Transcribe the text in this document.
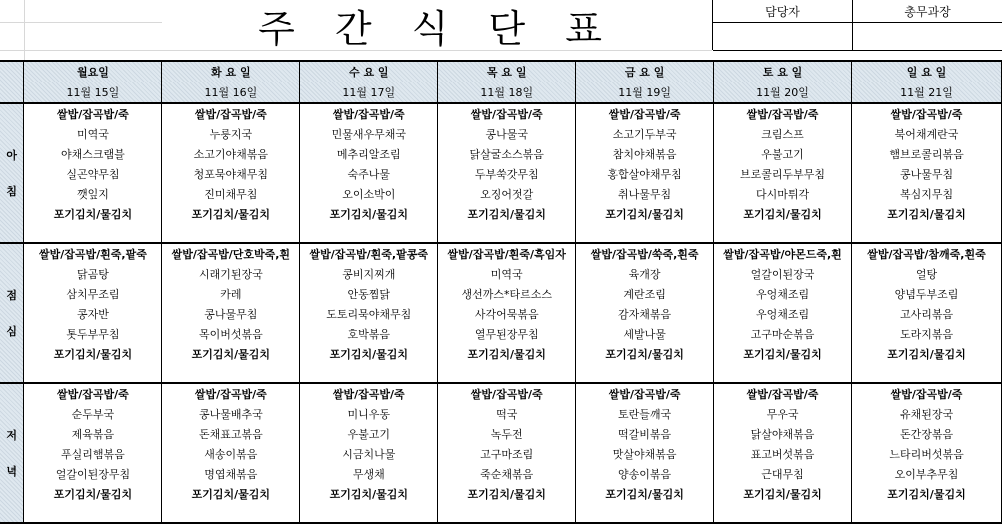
주 간 식 단 표	담당자	총무과장
	월요일	화 요 일	수 요 일	목 요 일	금 요 일	토 요 일	일 요 일
	11월 15일	11월 16일	11월 17일	11월 18일	11월 19일	11월 20일	11월 21일

아
침	쌀밥/잡곡밥/죽	쌀밥/잡곡밥/죽	쌀밥/잡곡밥/죽	쌀밥/잡곡밥/죽	쌀밥/잡곡밥/죽	쌀밥/잡곡밥/죽	쌀밥/잡곡밥/죽
	미역국	누룽지국	민물새우무채국	콩나물국	소고기두부국	크림스프	북어채계란국
	야채스크램블	소고기야채볶음	메추리알조림	닭살굴소스볶음	참치야채볶음	우불고기	햄브로콜리볶음
	실곤약무침	청포묵야채무침	숙주나물	두부쑥갓무침	홍합살야채무침	브로콜리두부무침	콩나물무침
	깻잎지	진미채무침	오이소박이	오징어젓갈	취나물무침	다시마튀각	복심지무침
	포기김치/물김치	포기김치/물김치	포기김치/물김치	포기김치/물김치	포기김치/물김치	포기김치/물김치	포기김치/물김치

점
심	쌀밥/잡곡밥/흰죽,팥죽	쌀밥/잡곡밥/단호박죽,흰	쌀밥/잡곡밥/흰죽,팥콩죽	쌀밥/잡곡밥/흰죽/흑임자	쌀밥/잡곡밥/쑥죽,흰죽	쌀밥/잡곡밥/야몬드죽,흰	쌀밥/잡곡밥/참깨죽,흰죽
	닭곰탕	시래기된장국	콩비지찌개	미역국	육개장	얼갈이된장국	얼탕
	삼치무조림	카레	안동찜닭	생선까스*타르소스	계란조림	우엉채조림	양념두부조림
	콩자반	콩나물무침	도토리묵야채무침	사각어묵볶음	감자채볶음	우엉채조림	고사리볶음
	톳두부무침	목이버섯볶음	호박볶음	열무된장무침	세발나물	고구마순볶음	도라지볶음
	포기김치/물김치	포기김치/물김치	포기김치/물김치	포기김치/물김치	포기김치/물김치	포기김치/물김치	포기김치/물김치

저
녁	쌀밥/잡곡밥/죽	쌀밥/잡곡밥/죽	쌀밥/잡곡밥/죽	쌀밥/잡곡밥/죽	쌀밥/잡곡밥/죽	쌀밥/잡곡밥/죽	쌀밥/잡곡밥/죽
	순두부국	콩나물배추국	미니우동	떡국	토란들깨국	무우국	유채된장국
	제육볶음	돈채표고볶음	우불고기	녹두전	떡갈비볶음	닭살야채볶음	돈간장볶음
	푸실리햄볶음	새송이볶음	시금치나물	고구마조림	맛살야채볶음	표고버섯볶음	느타리버섯볶음
	얼갈이된장무침	명엽채볶음	무생채	죽순채볶음	양송이볶음	근대무침	오이부추무침
	포기김치/물김치	포기김치/물김치	포기김치/물김치	포기김치/물김치	포기김치/물김치	포기김치/물김치	포기김치/물김치
